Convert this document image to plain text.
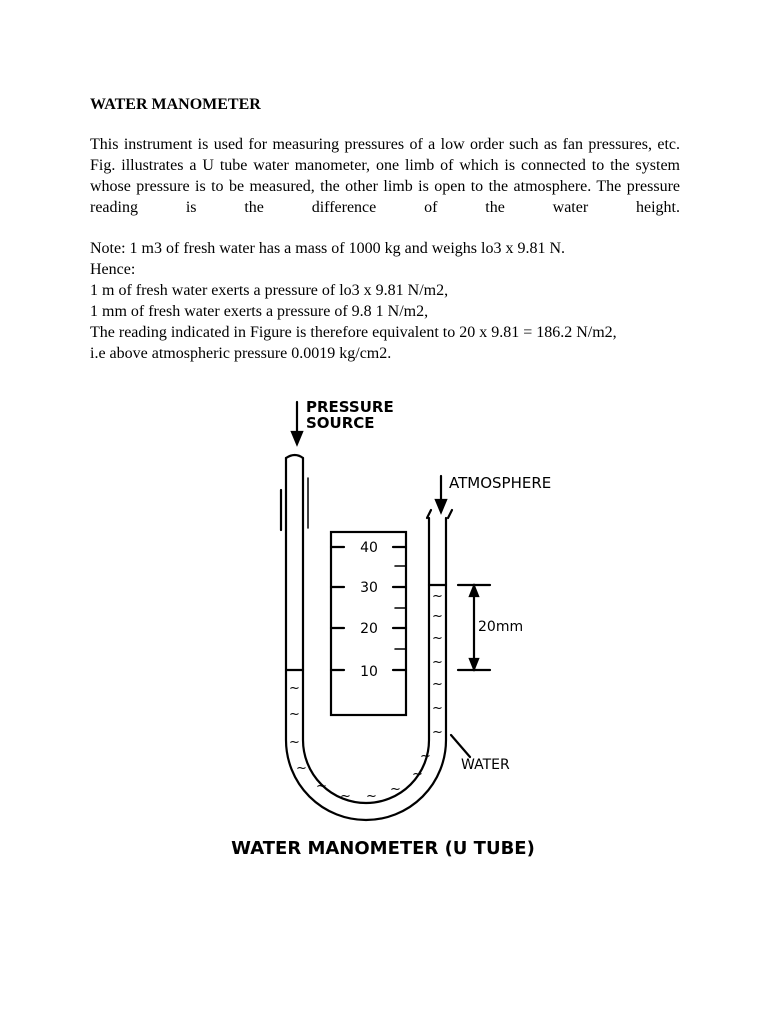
WATER MANOMETER
This instrument is used for measuring pressures of a low order such as fan pressures, etc. Fig. illustrates a U tube water manometer, one limb of which is connected to the system whose pressure is to be measured, the other limb is open to the atmosphere. The pressure reading is the difference of the water height.
Note: 1 m3 of fresh water has a mass of 1000 kg and weighs lo3 x 9.81 N.
Hence:
1 m of fresh water exerts a pressure of lo3 x 9.81 N/m2,
1 mm of fresh water exerts a pressure of 9.8 1 N/m2,
The reading indicated in Figure is therefore equivalent to 20 x 9.81 = 186.2 N/m2,
i.e above atmospheric pressure 0.0019 kg/cm2.
~
~
~
~
~
~
~
~
~
~
~
~
~ ~ ~
~
~
PRESSURE
SOURCE
ATMOSPHERE
40
30
20
10
20mm
WATER
WATER MANOMETER (U TUBE)
